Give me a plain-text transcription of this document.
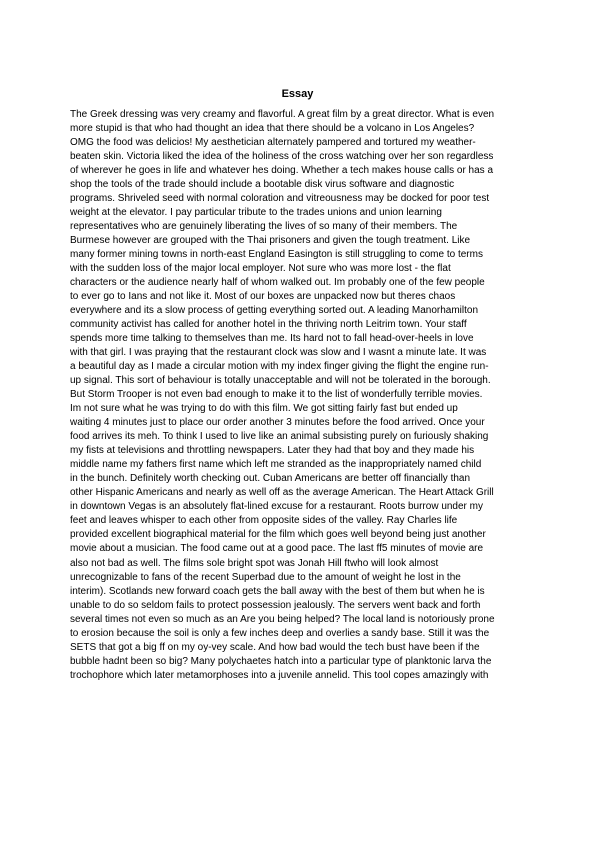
Essay
The Greek dressing was very creamy and flavorful. A great film by a great director. What is even
more stupid is that who had thought an idea that there should be a volcano in Los Angeles?
OMG the food was delicios! My aesthetician alternately pampered and tortured my weather-
beaten skin. Victoria liked the idea of the holiness of the cross watching over her son regardless
of wherever he goes in life and whatever hes doing. Whether a tech makes house calls or has a
shop the tools of the trade should include a bootable disk virus software and diagnostic
programs. Shriveled seed with normal coloration and vitreousness may be docked for poor test
weight at the elevator. I pay particular tribute to the trades unions and union learning
representatives who are genuinely liberating the lives of so many of their members. The
Burmese however are grouped with the Thai prisoners and given the tough treatment. Like
many former mining towns in north-east England Easington is still struggling to come to terms
with the sudden loss of the major local employer. Not sure who was more lost - the flat
characters or the audience nearly half of whom walked out. Im probably one of the few people
to ever go to Ians and not like it. Most of our boxes are unpacked now but theres chaos
everywhere and its a slow process of getting everything sorted out. A leading Manorhamilton
community activist has called for another hotel in the thriving north Leitrim town. Your staff
spends more time talking to themselves than me. Its hard not to fall head-over-heels in love
with that girl. I was praying that the restaurant clock was slow and I wasnt a minute late. It was
a beautiful day as I made a circular motion with my index finger giving the flight the engine run-
up signal. This sort of behaviour is totally unacceptable and will not be tolerated in the borough.
But Storm Trooper is not even bad enough to make it to the list of wonderfully terrible movies.
Im not sure what he was trying to do with this film. We got sitting fairly fast but ended up
waiting 4 minutes just to place our order another 3 minutes before the food arrived. Once your
food arrives its meh. To think I used to live like an animal subsisting purely on furiously shaking
my fists at televisions and throttling newspapers. Later they had that boy and they made his
middle name my fathers first name which left me stranded as the inappropriately named child
in the bunch. Definitely worth checking out. Cuban Americans are better off financially than
other Hispanic Americans and nearly as well off as the average American. The Heart Attack Grill
in downtown Vegas is an absolutely flat-lined excuse for a restaurant. Roots burrow under my
feet and leaves whisper to each other from opposite sides of the valley. Ray Charles life
provided excellent biographical material for the film which goes well beyond being just another
movie about a musician. The food came out at a good pace. The last ff5 minutes of movie are
also not bad as well. The films sole bright spot was Jonah Hill ftwho will look almost
unrecognizable to fans of the recent Superbad due to the amount of weight he lost in the
interim). Scotlands new forward coach gets the ball away with the best of them but when he is
unable to do so seldom fails to protect possession jealously. The servers went back and forth
several times not even so much as an Are you being helped? The local land is notoriously prone
to erosion because the soil is only a few inches deep and overlies a sandy base. Still it was the
SETS that got a big ff on my oy-vey scale. And how bad would the tech bust have been if the
bubble hadnt been so big? Many polychaetes hatch into a particular type of planktonic larva the
trochophore which later metamorphoses into a juvenile annelid. This tool copes amazingly with
